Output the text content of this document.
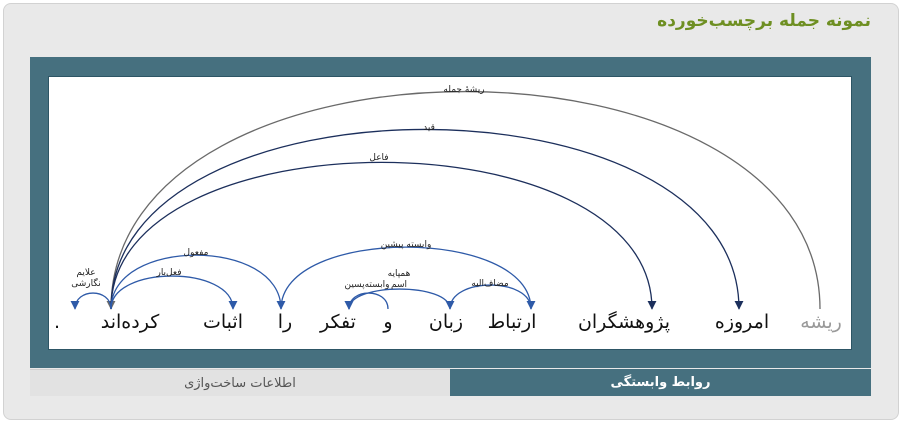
نمونه جمله برچسب‌خورده
ریشهٔ جمله
قید
فاعل
مفعول
فعل‌یار
علایم نگارشی
وابسته پیشین
مضاف‌الیه
همپایه اسم
وابسته‌پسین
ریشه
امروزه
پژوهشگران
ارتباط
زبان
و
تفکر
را
اثبات
کرده‌اند
.
اطلاعات ساخت‌واژی	روابط وابستگی
